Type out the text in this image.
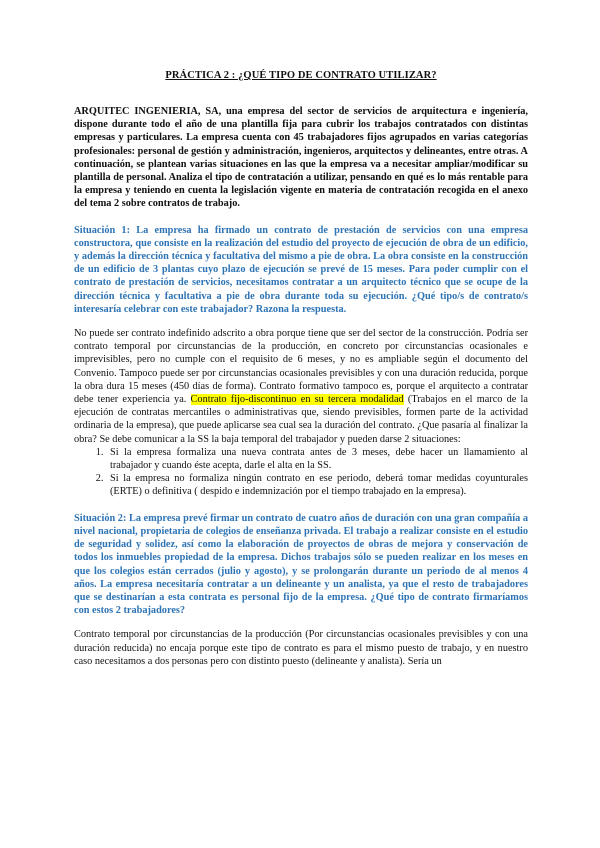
PRÁCTICA 2 : ¿QUÉ TIPO DE CONTRATO UTILIZAR?

ARQUITEC INGENIERIA, SA, una empresa del sector de servicios de arquitectura e ingeniería, dispone durante todo el año de una plantilla fija para cubrir los trabajos contratados con distintas empresas y particulares. La empresa cuenta con 45 trabajadores fijos agrupados en varias categorías profesionales: personal de gestión y administración, ingenieros, arquitectos y delineantes, entre otras. A continuación, se plantean varias situaciones en las que la empresa va a necesitar ampliar/modificar su plantilla de personal. Analiza el tipo de contratación a utilizar, pensando en qué es lo más rentable para la empresa y teniendo en cuenta la legislación vigente en materia de contratación recogida en el anexo del tema 2 sobre contratos de trabajo.

Situación 1: La empresa ha firmado un contrato de prestación de servicios con una empresa constructora, que consiste en la realización del estudio del proyecto de ejecución de obra de un edificio, y además la dirección técnica y facultativa del mismo a pie de obra. La obra consiste en la construcción de un edificio de 3 plantas cuyo plazo de ejecución se prevé de 15 meses. Para poder cumplir con el contrato de prestación de servicios, necesitamos contratar a un arquitecto técnico que se ocupe de la dirección técnica y facultativa a pie de obra durante toda su ejecución. ¿Qué tipo/s de contrato/s interesaría celebrar con este trabajador? Razona la respuesta.

No puede ser contrato indefinido adscrito a obra porque tiene que ser del sector de la construcción. Podría ser contrato temporal por circunstancias de la producción, en concreto por circunstancias ocasionales e imprevisibles, pero no cumple con el requisito de 6 meses, y no es ampliable según el documento del Convenio. Tampoco puede ser por circunstancias ocasionales previsibles y con una duración reducida, porque la obra dura 15 meses (450 días de forma). Contrato formativo tampoco es, porque el arquitecto a contratar debe tener experiencia ya. Contrato fijo-discontinuo en su tercera modalidad (Trabajos en el marco de la ejecución de contratas mercantiles o administrativas que, siendo previsibles, formen parte de la actividad ordinaria de la empresa), que puede aplicarse sea cual sea la duración del contrato. ¿Que pasaría al finalizar la obra? Se debe comunicar a la SS la baja temporal del trabajador y pueden darse 2 situaciones:

1. Si la empresa formaliza una nueva contrata antes de 3 meses, debe hacer un llamamiento al trabajador y cuando éste acepta, darle el alta en la SS.
2. Si la empresa no formaliza ningún contrato en ese periodo, deberá tomar medidas coyunturales (ERTE) o definitiva ( despido e indemnización por el tiempo trabajado en la empresa).

Situación 2: La empresa prevé firmar un contrato de cuatro años de duración con una gran compañía a nivel nacional, propietaria de colegios de enseñanza privada. El trabajo a realizar consiste en el estudio de seguridad y solidez, así como la elaboración de proyectos de obras de mejora y conservación de todos los inmuebles propiedad de la empresa. Dichos trabajos sólo se pueden realizar en los meses en que los colegios están cerrados (julio y agosto), y se prolongarán durante un periodo de al menos 4 años. La empresa necesitaría contratar a un delineante y un analista, ya que el resto de trabajadores que se destinarían a esta contrata es personal fijo de la empresa. ¿Qué tipo de contrato firmaríamos con estos 2 trabajadores?

Contrato temporal por circunstancias de la producción (Por circunstancias ocasionales previsibles y con una duración reducida) no encaja porque este tipo de contrato es para el mismo puesto de trabajo, y en nuestro caso necesitamos a dos personas pero con distinto puesto (delineante y analista). Sería un
